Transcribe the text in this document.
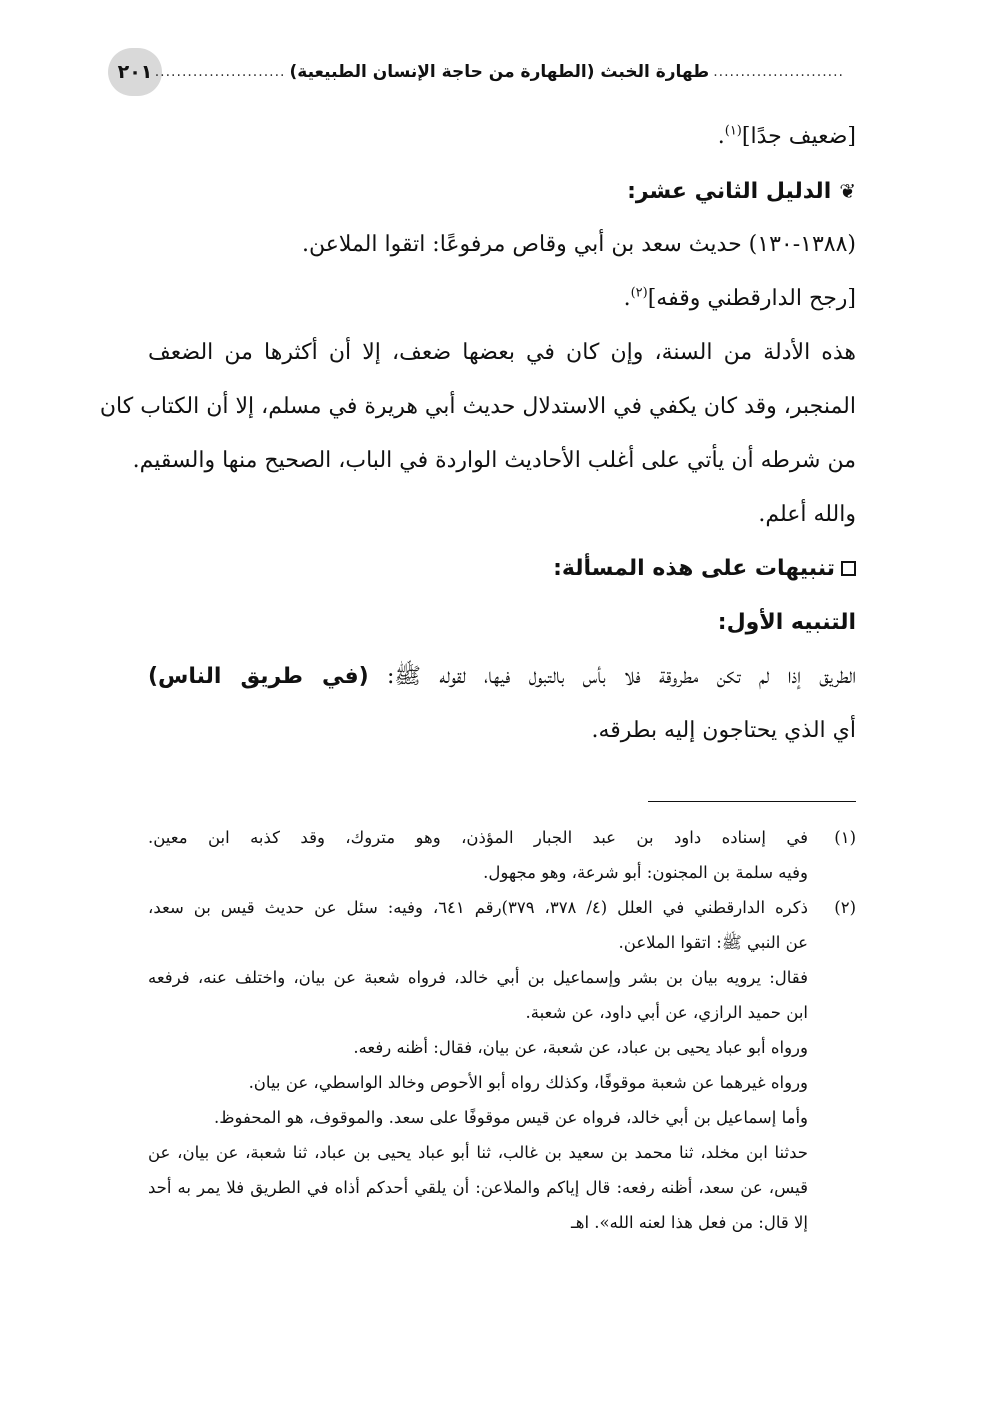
٢٠١	........................
طهارة الخبث (الطهارة من حاجة الإنسان الطبيعية)
........................
[ضعيف جدًا]$^{(١)}$.
❦الدليل الثاني عشر:
(١٣٨٨-١٣٠) حديث سعد بن أبي وقاص مرفوعًا: اتقوا الملاعن.
[رجح الدارقطني وقفه]$^{(٢)}$.
هذه الأدلة من السنة، وإن كان في بعضها ضعف، إلا أن أكثرها من الضعف
المنجبر، وقد كان يكفي في الاستدلال حديث أبي هريرة في مسلم، إلا أن الكتاب كان
من شرطه أن يأتي على أغلب الأحاديث الواردة في الباب، الصحيح منها والسقيم.
والله أعلم.
تنبيهات على هذه المسألة:
التنبيه الأول:
الطريق إذا لم تكن مطروقة فلا بأس بالتبول فيها، لقوله ﷺ: (في طريق الناس)
أي الذي يحتاجون إليه بطرقه.
(١)
في إسناده داود بن عبد الجبار المؤذن، وهو متروك، وقد كذبه ابن معين.
وفيه سلمة بن المجنون: أبو شرعة، وهو مجهول.
(٢)
ذكره الدارقطني في العلل (٤/ ٣٧٨، ٣٧٩)رقم ٦٤١، وفيه: سئل عن حديث قيس بن سعد،
عن النبي ﷺ: اتقوا الملاعن.
فقال: يرويه بيان بن بشر وإسماعيل بن أبي خالد، فرواه شعبة عن بيان، واختلف عنه، فرفعه
ابن حميد الرازي، عن أبي داود، عن شعبة.
ورواه أبو عباد يحيى بن عباد، عن شعبة، عن بيان، فقال: أظنه رفعه.
ورواه غيرهما عن شعبة موقوفًا، وكذلك رواه أبو الأحوص وخالد الواسطي، عن بيان.
وأما إسماعيل بن أبي خالد، فرواه عن قيس موقوفًا على سعد. والموقوف، هو المحفوظ.
حدثنا ابن مخلد، ثنا محمد بن سعيد بن غالب، ثنا أبو عباد يحيى بن عباد، ثنا شعبة، عن بيان، عن
قيس، عن سعد، أظنه رفعه: قال إياكم والملاعن: أن يلقي أحدكم أذاه في الطريق فلا يمر به أحد
إلا قال: من فعل هذا لعنه الله». اهـ
